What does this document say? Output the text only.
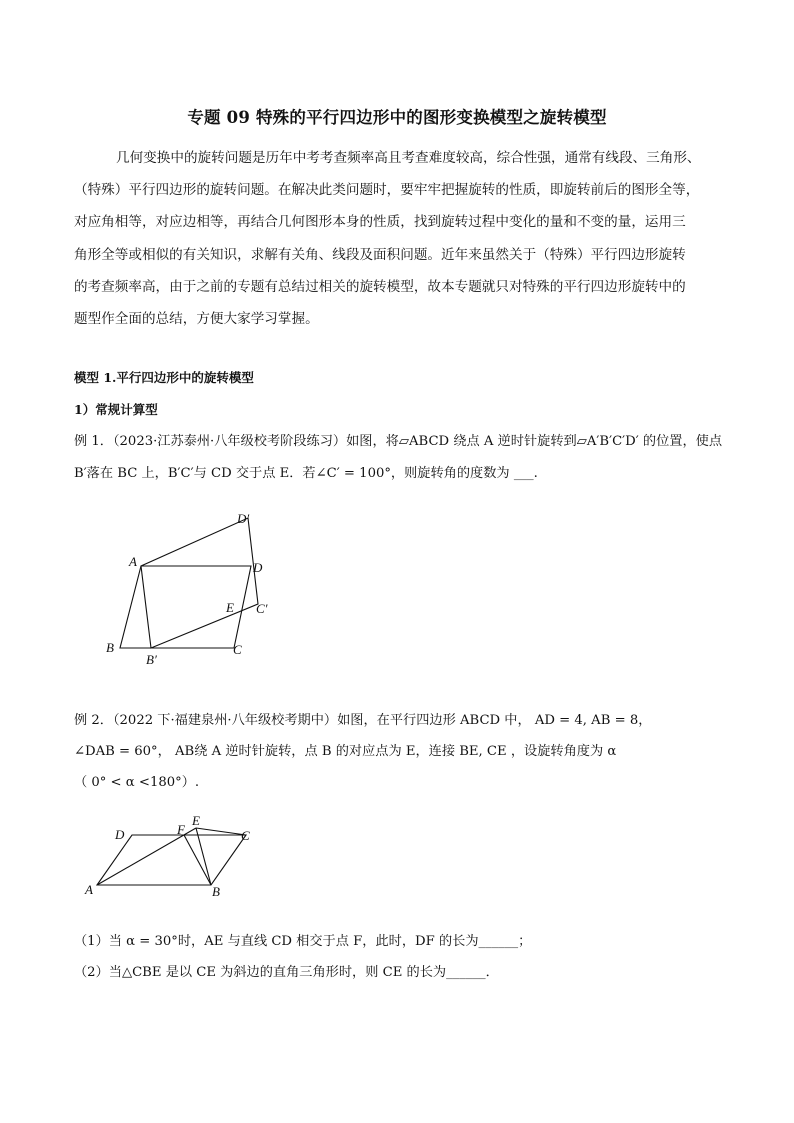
专题 09 特殊的平行四边形中的图形变换模型之旋转模型
几何变换中的旋转问题是历年中考考查频率高且考查难度较高，综合性强，通常有线段、三角形、
（特殊）平行四边形的旋转问题。在解决此类问题时，要牢牢把握旋转的性质，即旋转前后的图形全等，
对应角相等，对应边相等，再结合几何图形本身的性质，找到旋转过程中变化的量和不变的量，运用三
角形全等或相似的有关知识，求解有关角、线段及面积问题。近年来虽然关于（特殊）平行四边形旋转
的考查频率高，由于之前的专题有总结过相关的旋转模型，故本专题就只对特殊的平行四边形旋转中的
题型作全面的总结，方便大家学习掌握。
模型 1.平行四边形中的旋转模型
1）常规计算型
例 1．（2023·江苏泰州·八年级校考阶段练习）如图，将▱ABCD 绕点 A 逆时针旋转到▱A′B′C′D′ 的位置，使点
B′落在 BC 上，B′C′与 CD 交于点 E．若∠C′ = 100°，则旋转角的度数为 ___.
A
B
B′
C
C′
D
D′
E
例 2．（2022 下·福建泉州·八年级校考期中）如图，在平行四边形 ABCD 中， AD = 4, AB = 8，
∠DAB = 60°， AB绕 A 逆时针旋转，点 B 的对应点为 E，连接 BE, CE ，设旋转角度为 α
（ 0° < α <180°）.
A	B
C
D
E
F
（1）当 α = 30°时，AE 与直线 CD 相交于点 F，此时，DF 的长为______；
（2）当△CBE 是以 CE 为斜边的直角三角形时，则 CE 的长为______．
